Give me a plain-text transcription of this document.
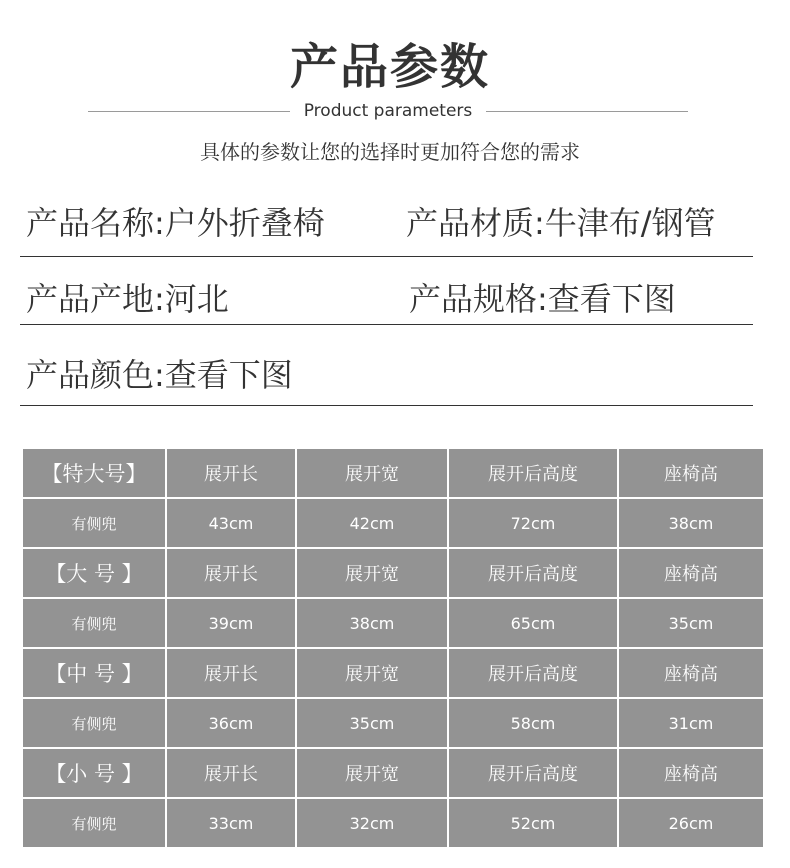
产品参数
Product parameters
具体的参数让您的选择时更加符合您的需求
产品名称:户外折叠椅	产品材质:牛津布/钢管
产品产地:河北	产品规格:查看下图
产品颜色:查看下图
【特大号】	展开长	展开宽	展开后高度	座椅高
有侧兜	43cm	42cm	72cm	38cm
【大 号 】	展开长	展开宽	展开后高度	座椅高
有侧兜	39cm	38cm	65cm	35cm
【中 号 】	展开长	展开宽	展开后高度	座椅高
有侧兜	36cm	35cm	58cm	31cm
【小 号 】	展开长	展开宽	展开后高度	座椅高
有侧兜	33cm	32cm	52cm	26cm
